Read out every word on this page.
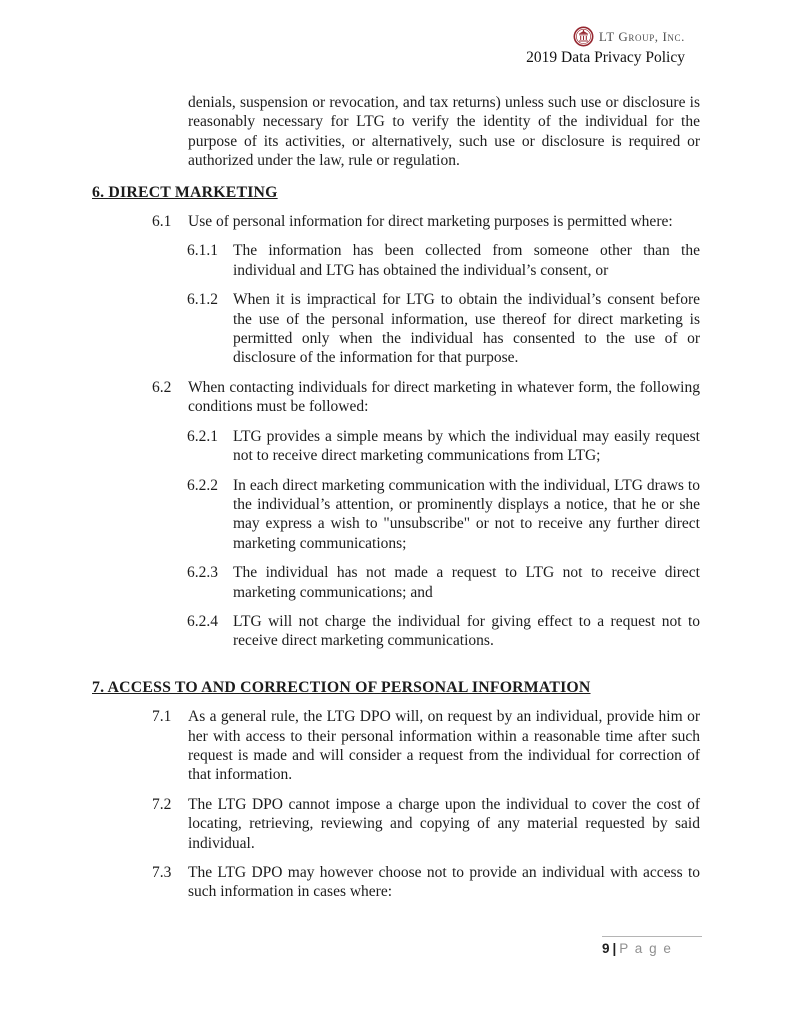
LT Group, Inc.
2019 Data Privacy Policy

denials, suspension or revocation, and tax returns) unless such use or disclosure is reasonably necessary for LTG to verify the identity of the individual for the purpose of its activities, or alternatively, such use or disclosure is required or authorized under the law, rule or regulation.

6. DIRECT MARKETING
6.1	Use of personal information for direct marketing purposes is permitted where:
6.1.1 The information has been collected from someone other than the individual and LTG has obtained the individual’s consent, or
6.1.2 When it is impractical for LTG to obtain the individual’s consent before the use of the personal information, use thereof for direct marketing is permitted only when the individual has consented to the use of or disclosure of the information for that purpose.
6.2	When contacting individuals for direct marketing in whatever form, the following conditions must be followed:
6.2.1 LTG provides a simple means by which the individual may easily request not to receive direct marketing communications from LTG;
6.2.2 In each direct marketing communication with the individual, LTG draws to the individual’s attention, or prominently displays a notice, that he or she may express a wish to "unsubscribe" or not to receive any further direct marketing communications;
6.2.3 The individual has not made a request to LTG not to receive direct marketing communications; and
6.2.4 LTG will not charge the individual for giving effect to a request not to receive direct marketing communications.
7. ACCESS TO AND CORRECTION OF PERSONAL INFORMATION
7.1	As a general rule, the LTG DPO will, on request by an individual, provide him or her with access to their personal information within a reasonable time after such request is made and will consider a request from the individual for correction of that information.
7.2	The LTG DPO cannot impose a charge upon the individual to cover the cost of locating, retrieving, reviewing and copying of any material requested by said individual.
7.3	The LTG DPO may however choose not to provide an individual with access to such information in cases where:
9 | P a g e
